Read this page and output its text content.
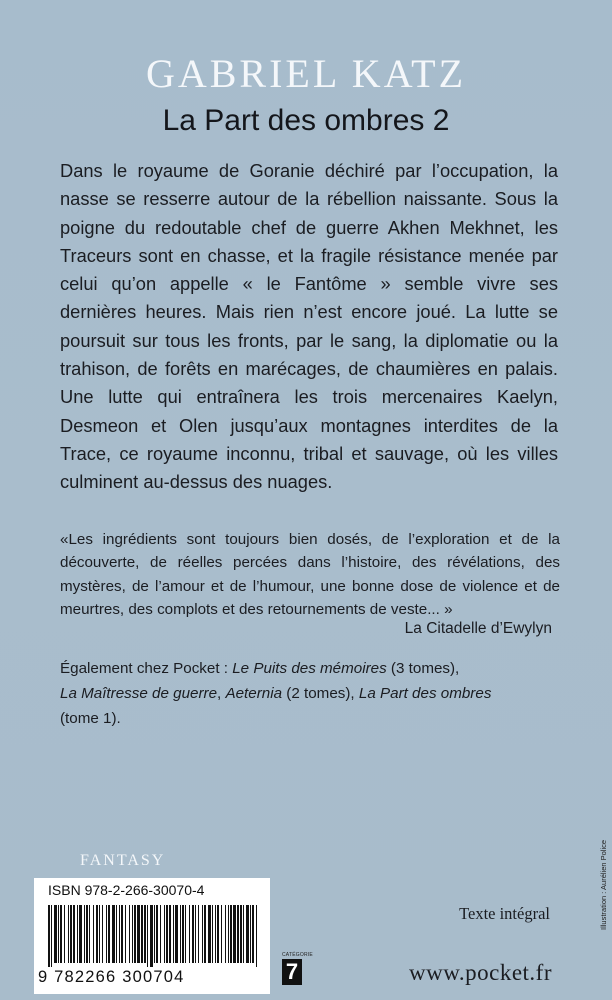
GABRIEL KATZ
La Part des ombres 2

Dans le royaume de Goranie déchiré par l’occupation, la nasse se resserre autour de la rébellion naissante. Sous la poigne du redoutable chef de guerre Akhen Mekhnet, les Traceurs sont en chasse, et la fragile résistance menée par celui qu’on appelle « le Fantôme » semble vivre ses dernières heures. Mais rien n’est encore joué. La lutte se poursuit sur tous les fronts, par le sang, la diplomatie ou la trahison, de forêts en marécages, de chaumières en palais. Une lutte qui entraînera les trois mercenaires Kaelyn, Desmeon et Olen jusqu’aux montagnes interdites de la Trace, ce royaume inconnu, tribal et sauvage, où les villes culminent au-dessus des nuages.

«Les ingrédients sont toujours bien dosés, de l’exploration et de la découverte, de réelles percées dans l’histoire, des révélations, des mystères, de l’amour et de l’humour, une bonne dose de violence et de meurtres, des complots et des retournements de veste... »
La Citadelle d’Ewylyn
Également chez Pocket : Le Puits des mémoires (3 tomes),
La Maîtresse de guerre, Aeternia (2 tomes), La Part des ombres
(tome 1).
FANTASY
ISBN 978-2-266-30070-4
9 782266 300704
CATÉGORIE
7
Texte intégral
www.pocket.fr
Illustration : Aurélien Police
